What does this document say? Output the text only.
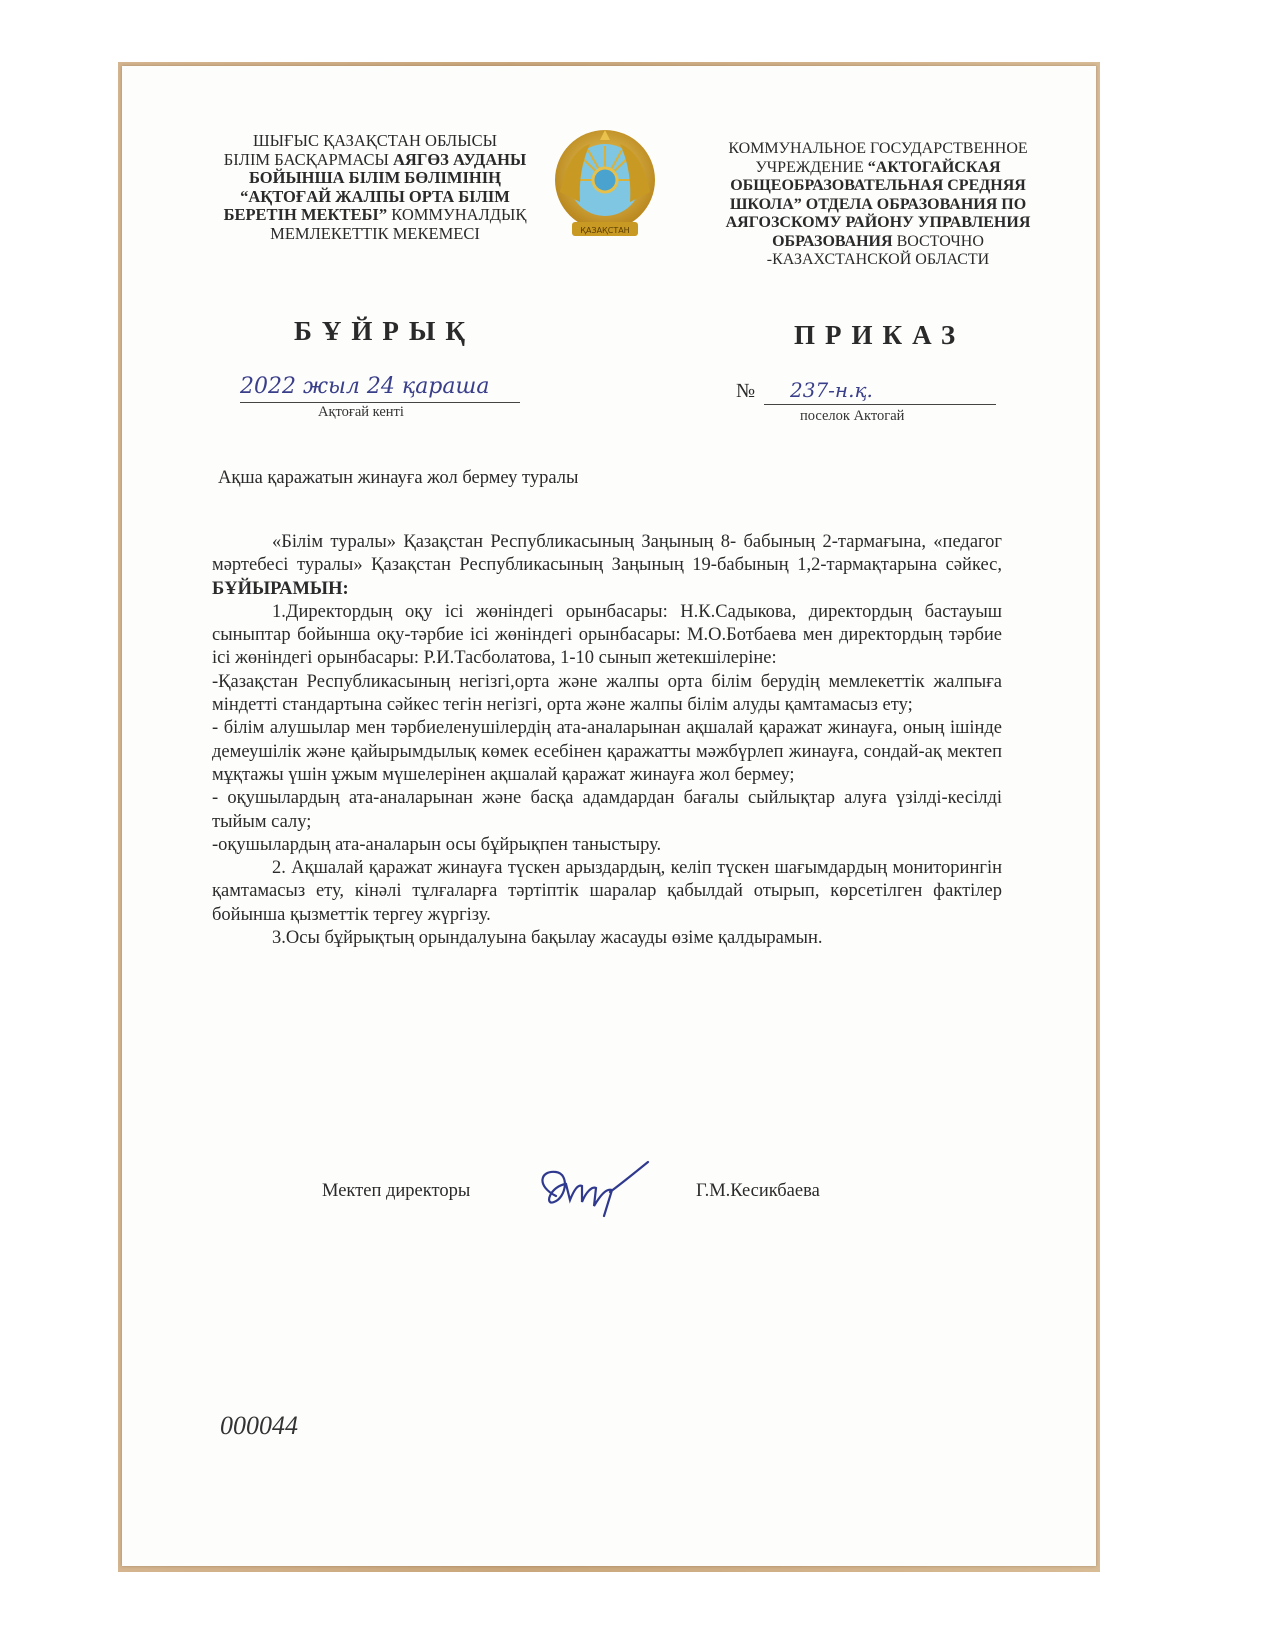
ШЫҒЫС ҚАЗАҚСТАН ОБЛЫСЫ
БІЛІМ БАСҚАРМАСЫ АЯГӨЗ АУДАНЫ
БОЙЫНША БІЛІМ БӨЛІМІНІҢ
“АҚТОҒАЙ ЖАЛПЫ ОРТА БІЛІМ
БЕРЕТІН МЕКТЕБІ” КОММУНАЛДЫҚ
МЕМЛЕКЕТТІК МЕКЕМЕСІ	ҚАЗАҚСТАН
КОММУНАЛЬНОЕ ГОСУДАРСТВЕННОЕ
УЧРЕЖДЕНИЕ “АКТОГАЙСКАЯ
ОБЩЕОБРАЗОВАТЕЛЬНАЯ СРЕДНЯЯ
ШКОЛА” ОТДЕЛА ОБРАЗОВАНИЯ ПО
АЯГОЗСКОМУ РАЙОНУ УПРАВЛЕНИЯ
ОБРАЗОВАНИЯ ВОСТОЧНО
-КАЗАХСТАНСКОЙ ОБЛАСТИ
БҰЙРЫҚ	ПРИКАЗ
2022 жыл 24 қараша
Ақтоғай кенті
№ 237-н.қ.
поселок Актогай
Ақша қаражатын жинауға жол бермеу туралы

«Білім туралы» Қазақстан Республикасының Заңының 8- бабының 2-тармағына, «педагог мәртебесі туралы» Қазақстан Республикасының Заңының 19-бабының 1,2-тармақтарына сәйкес, БҰЙЫРАМЫН:

1.Директордың оқу ісі жөніндегі орынбасары: Н.К.Садыкова, директордың бастауыш сыныптар бойынша оқу-тәрбие ісі жөніндегі орынбасары: М.О.Ботбаева мен директордың тәрбие ісі жөніндегі орынбасары: Р.И.Тасболатова, 1-10 сынып жетекшілеріне:

-Қазақстан Республикасының негізгі,орта және жалпы орта білім берудің мемлекеттік жалпыға міндетті стандартына сәйкес тегін негізгі, орта және жалпы білім алуды қамтамасыз ету;

- білім алушылар мен тәрбиеленушілердің ата-аналарынан ақшалай қаражат жинауға, оның ішінде демеушілік және қайырымдылық көмек есебінен қаражатты мәжбүрлеп жинауға, сондай-ақ мектеп мұқтажы үшін ұжым мүшелерінен ақшалай қаражат жинауға жол бермеу;

- оқушылардың ата-аналарынан және басқа адамдардан бағалы сыйлықтар алуға үзілді-кесілді тыйым салу;

-оқушылардың ата-аналарын осы бұйрықпен таныстыру.

2. Ақшалай қаражат жинауға түскен арыздардың, келіп түскен шағымдардың мониторингін қамтамасыз ету, кінәлі тұлғаларға тәртіптік шаралар қабылдай отырып, көрсетілген фактілер бойынша қызметтік тергеу жүргізу.

3.Осы бұйрықтың орындалуына бақылау жасауды өзіме қалдырамын.

Мектеп директоры	Г.М.Кесикбаева
000044
